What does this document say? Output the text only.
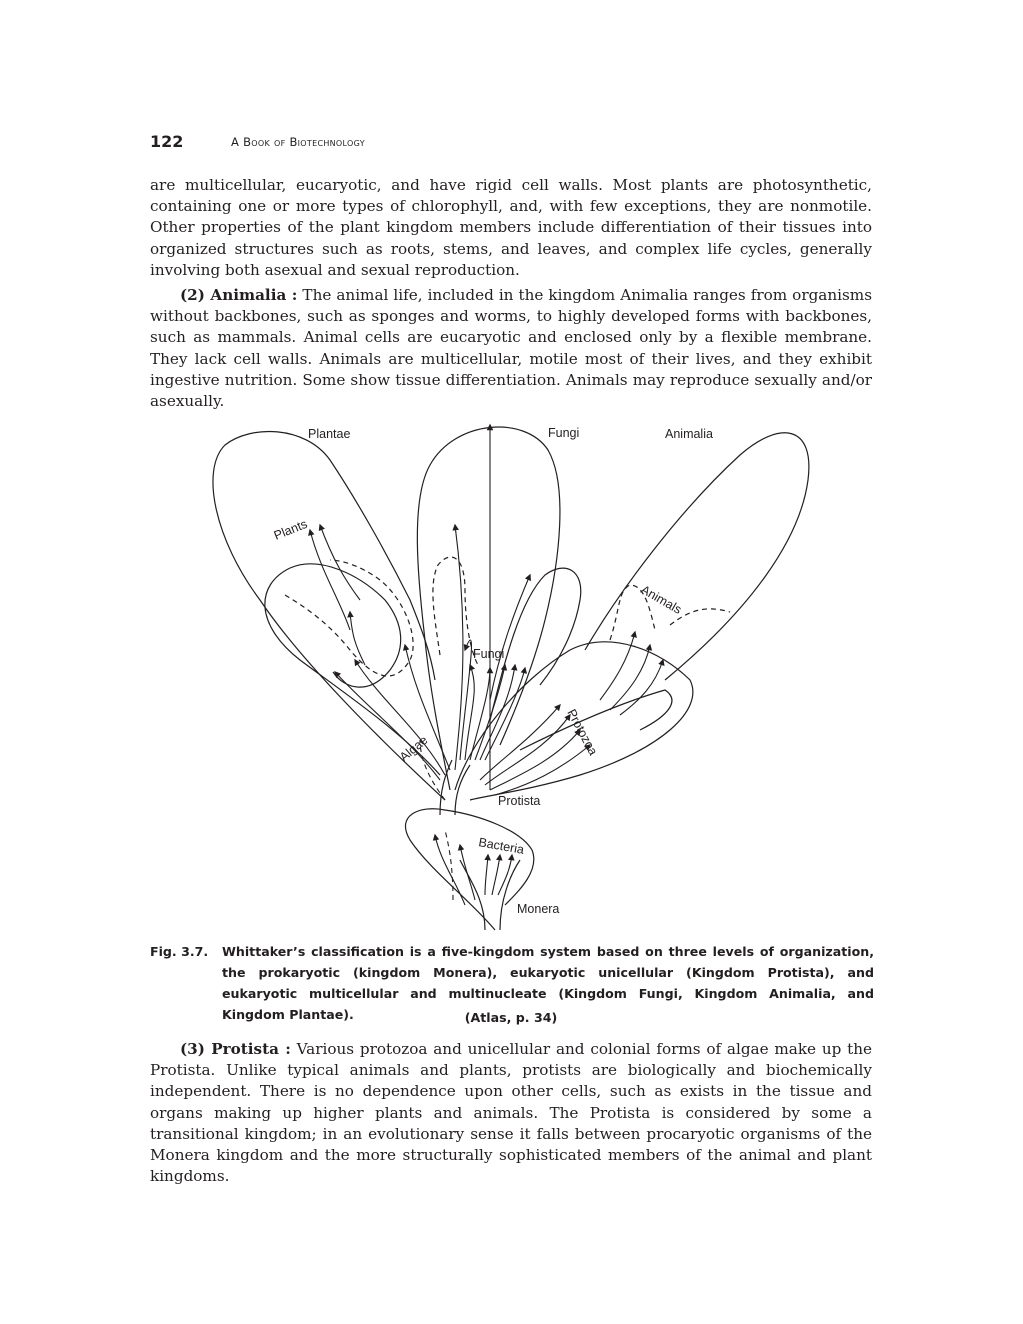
122	A Book of Biotechnology

are multicellular, eucaryotic, and have rigid cell walls. Most plants are photosynthetic, containing one or more types of chlorophyll, and, with few exceptions, they are nonmotile. Other properties of the plant kingdom members include differentiation of their tissues into organized structures such as roots, stems, and leaves, and complex life cycles, generally involving both asexual and sexual reproduction.

(2) Animalia : The animal life, included in the kingdom Animalia ranges from organisms without backbones, such as sponges and worms, to highly developed forms with backbones, such as mammals. Animal cells are eucaryotic and enclosed only by a flexible membrane. They lack cell walls. Animals are multicellular, motile most of their lives, and they exhibit ingestive nutrition. Some show tissue differentiation. Animals may reproduce sexually and/or asexually.

Plantae	Fungi	Animalia
Plants
Animals
Fungi
Protozoa
Algae
Protista
Bacteria
Monera
Fig. 3.7. Whittaker’s classification is a five-kingdom system based on three levels of organization, the prokaryotic (kingdom Monera), eukaryotic unicellular (Kingdom Protista), and eukaryotic multicellular and multinucleate (Kingdom Fungi, Kingdom Animalia, and Kingdom Plantae).	(Atlas, p. 34)

(3) Protista : Various protozoa and unicellular and colonial forms of algae make up the Protista. Unlike typical animals and plants, protists are biologically and biochemically independent. There is no dependence upon other cells, such as exists in the tissue and organs making up higher plants and animals. The Protista is considered by some a transitional kingdom; in an evolutionary sense it falls between procaryotic organisms of the Monera kingdom and the more structurally sophisticated members of the animal and plant kingdoms.
